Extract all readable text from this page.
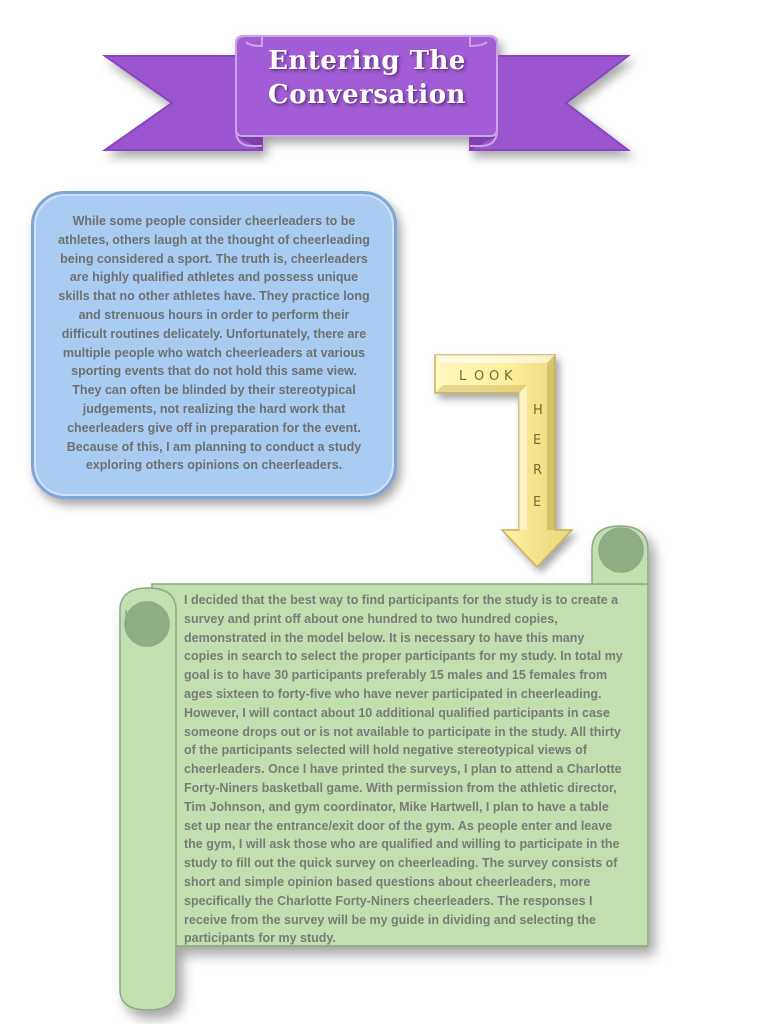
Entering The
Conversation

While some people consider cheerleaders to be athletes, others laugh at the thought of cheerleading being considered a sport. The truth is, cheerleaders are highly qualified athletes and possess unique skills that no other athletes have. They practice long and strenuous hours in order to perform their difficult routines delicately. Unfortunately, there are multiple people who watch cheerleaders at various sporting events that do not hold this same view. They can often be blinded by their stereotypical judgements, not realizing the hard work that cheerleaders give off in preparation for the event. Because of this, I am planning to conduct a study exploring others opinions on cheerleaders.

L O O K
H
E
R
E

I decided that the best way to find participants for the study is to create a survey and print off about one hundred to two hundred copies, demonstrated in the model below. It is necessary to have this many copies in search to select the proper participants for my study. In total my goal is to have 30 participants preferably 15 males and 15 females from ages sixteen to forty-five who have never participated in cheerleading. However, I will contact about 10 additional qualified participants in case someone drops out or is not available to participate in the study. All thirty of the participants selected will hold negative stereotypical views of cheerleaders. Once I have printed the surveys, I plan to attend a Charlotte Forty-Niners basketball game. With permission from the athletic director, Tim Johnson, and gym coordinator, Mike Hartwell, I plan to have a table set up near the entrance/exit door of the gym. As people enter and leave the gym, I will ask those who are qualified and willing to participate in the study to fill out the quick survey on cheerleading. The survey consists of short and simple opinion based questions about cheerleaders, more specifically the Charlotte Forty-Niners cheerleaders. The responses I receive from the survey will be my guide in dividing and selecting the participants for my study.
